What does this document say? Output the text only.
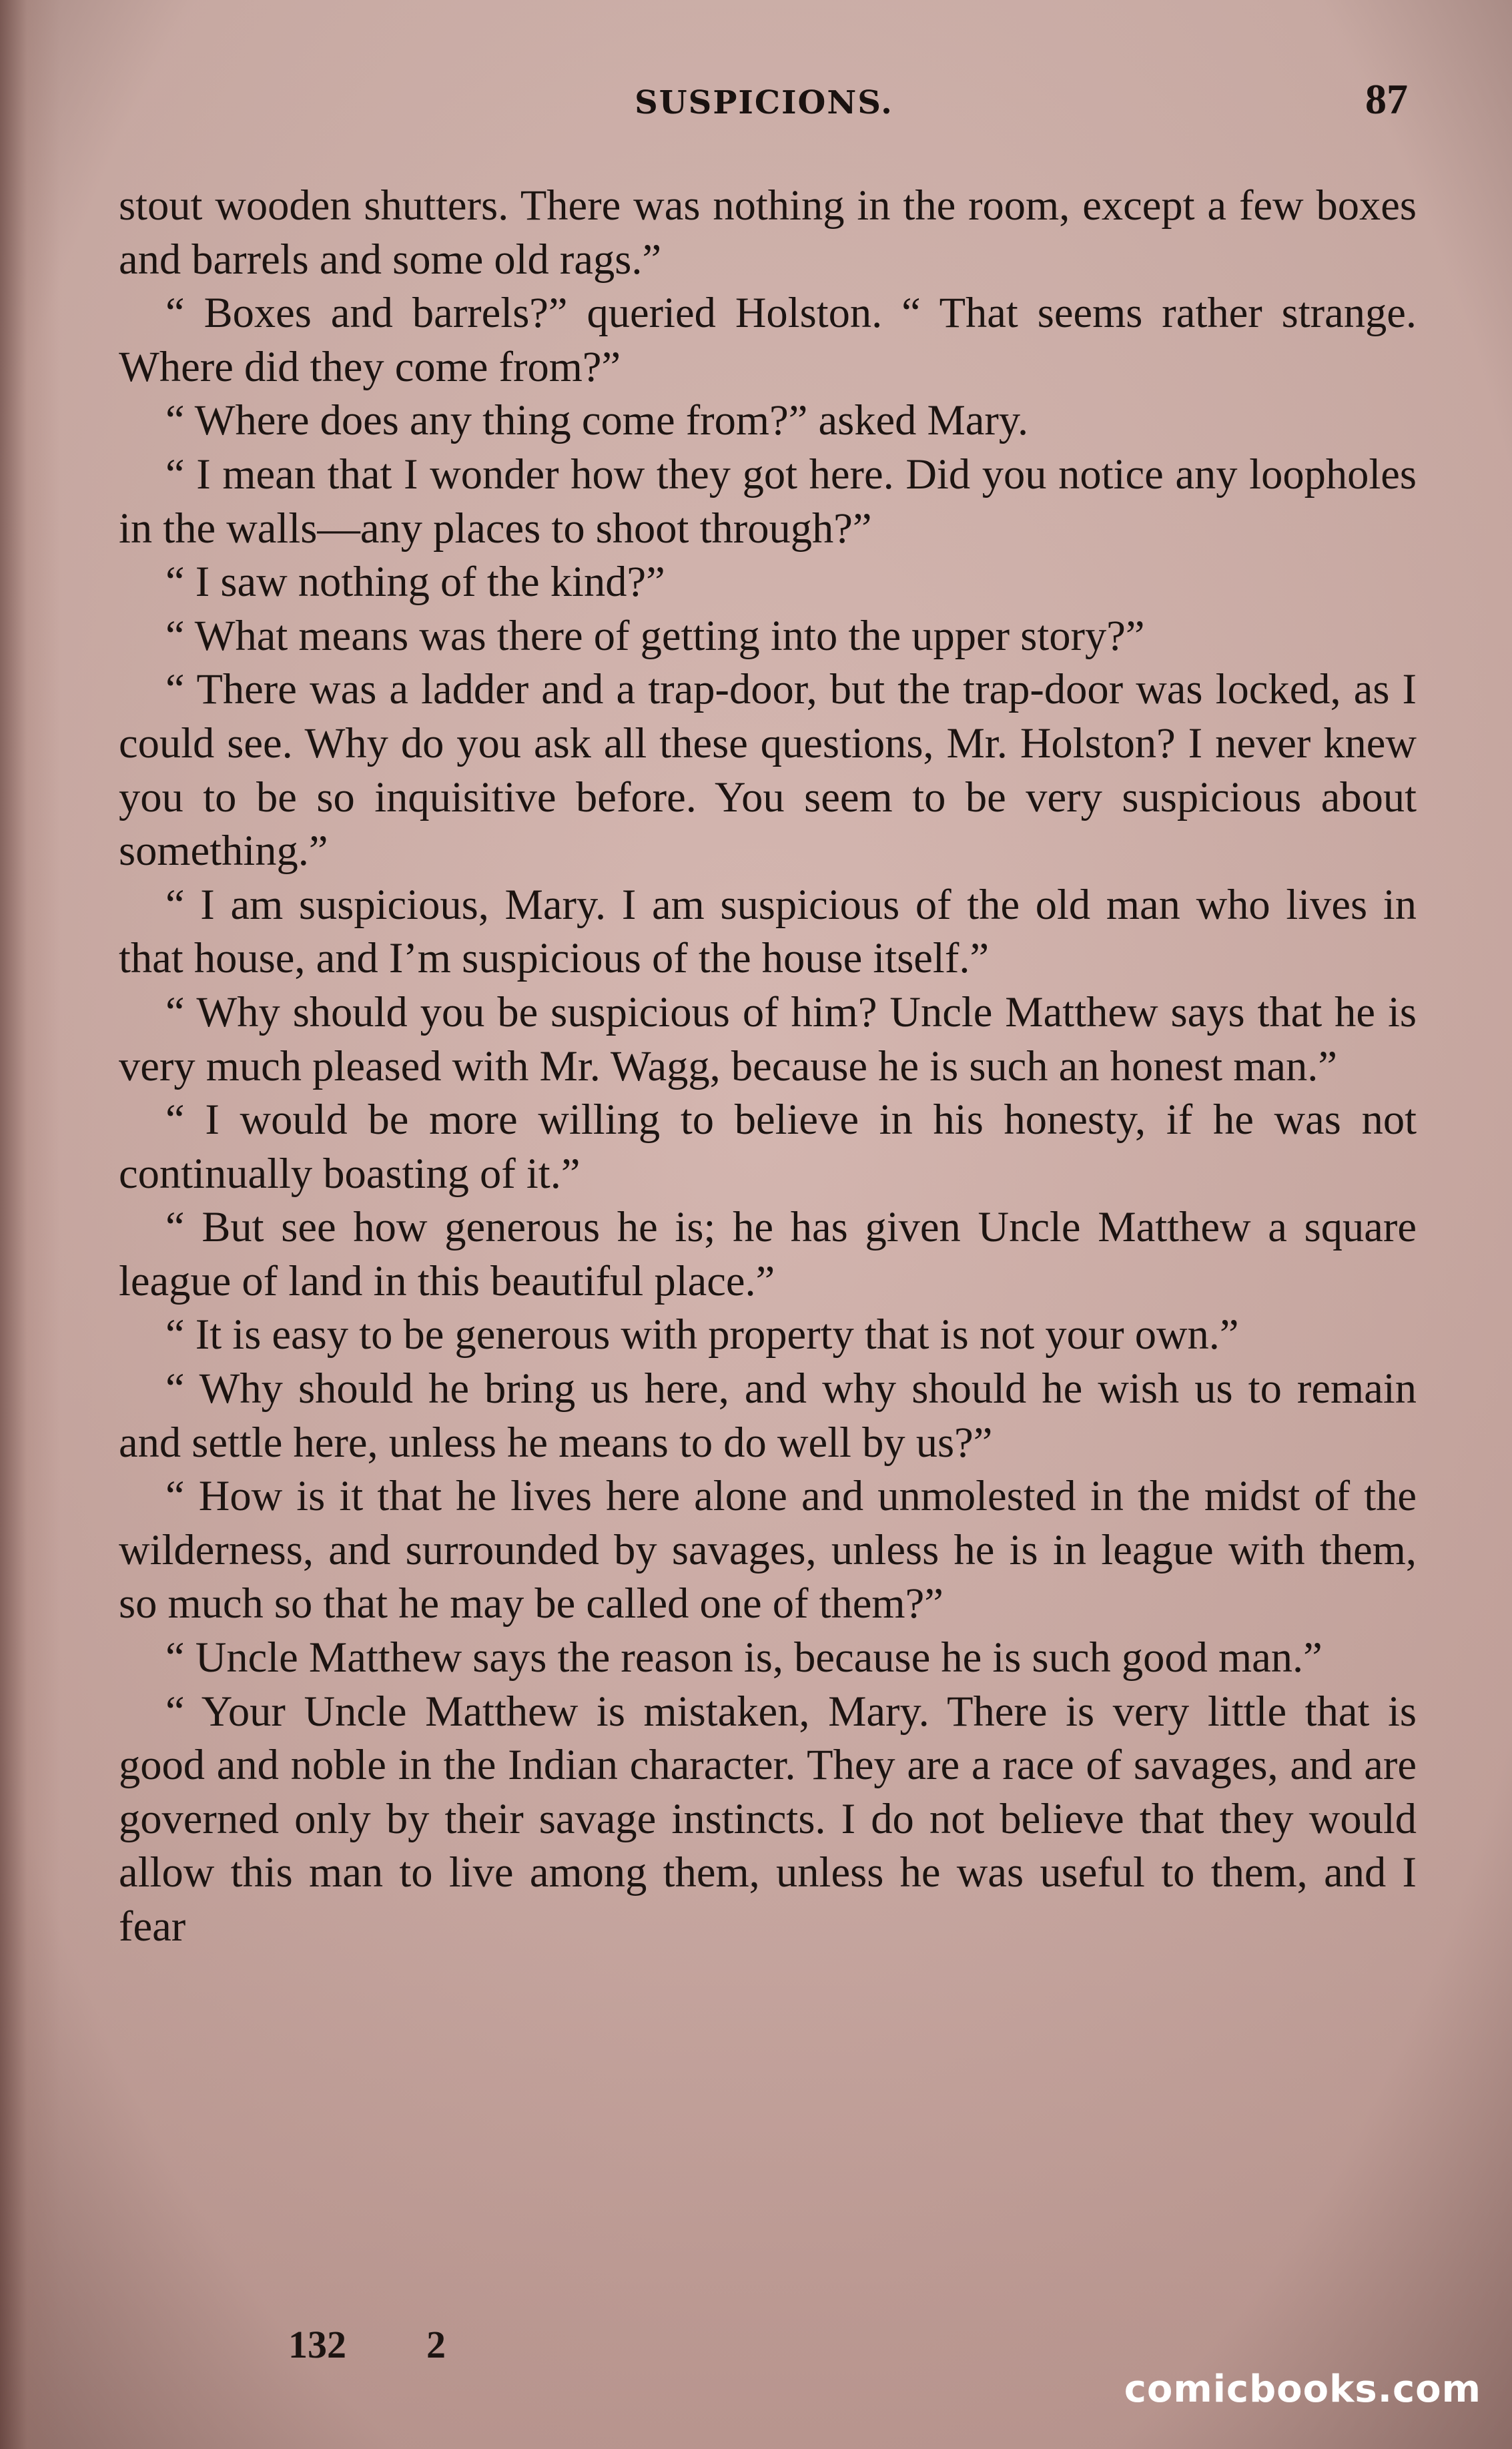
SUSPICIONS.	87

stout wooden shutters. There was nothing in the room, except a few boxes and barrels and some old rags.”

“ Boxes and barrels?” queried Holston. “ That seems rather strange. Where did they come from?”

“ Where does any thing come from?” asked Mary.

“ I mean that I wonder how they got here. Did you notice any loopholes in the walls—any places to shoot through?”

“ I saw nothing of the kind?”

“ What means was there of getting into the upper story?”

“ There was a ladder and a trap-door, but the trap-door was locked, as I could see. Why do you ask all these questions, Mr. Holston? I never knew you to be so inquisitive before. You seem to be very suspicious about something.”

“ I am suspicious, Mary. I am suspicious of the old man who lives in that house, and I’m suspicious of the house itself.”

“ Why should you be suspicious of him? Uncle Matthew says that he is very much pleased with Mr. Wagg, because he is such an honest man.”

“ I would be more willing to believe in his honesty, if he was not continually boasting of it.”

“ But see how generous he is; he has given Uncle Matthew a square league of land in this beautiful place.”

“ It is easy to be generous with property that is not your own.”

“ Why should he bring us here, and why should he wish us to remain and settle here, unless he means to do well by us?”

“ How is it that he lives here alone and unmolested in the midst of the wilderness, and surrounded by savages, unless he is in league with them, so much so that he may be called one of them?”

“ Uncle Matthew says the reason is, because he is such good man.”

“ Your Uncle Matthew is mistaken, Mary. There is very little that is good and noble in the Indian character. They are a race of savages, and are governed only by their savage instincts. I do not believe that they would allow this man to live among them, unless he was useful to them, and I fear

132 2
comicbooks.com
